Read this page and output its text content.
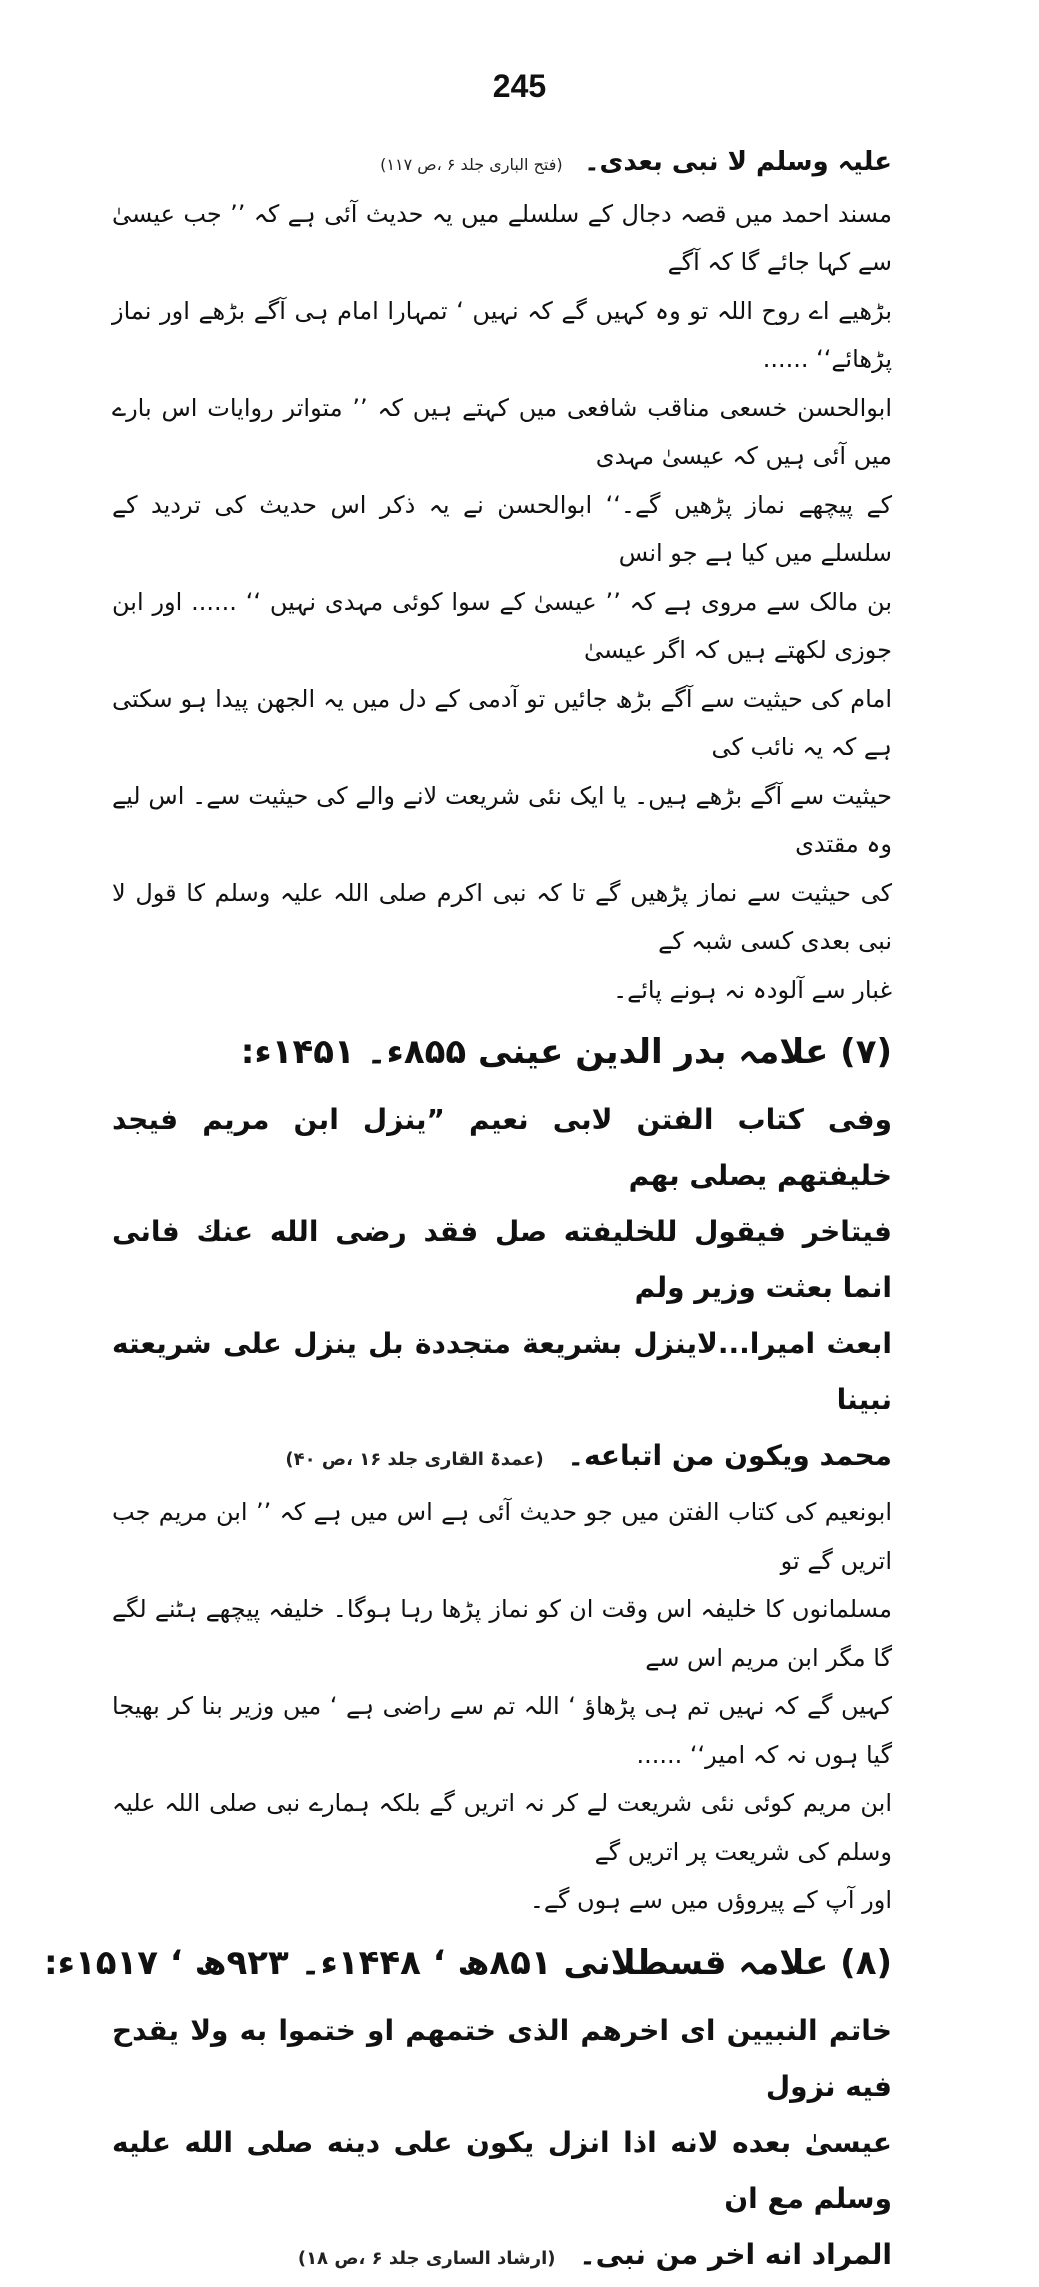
245

علیہ وسلم لا نبی بعدی۔ (فتح الباری جلد ۶ ،ص ۱۱۷)

مسند احمد میں قصہ دجال کے سلسلے میں یہ حدیث آئی ہے کہ ’’ جب عیسیٰ سے کہا جائے گا کہ آگے

بڑھیے اے روح اللہ تو وہ کہیں گے کہ نہیں ‘ تمہارا امام ہی آگے بڑھے اور نماز پڑھائے‘‘ ......

ابوالحسن خسعی مناقب شافعی میں کہتے ہیں کہ ’’ متواتر روایات اس بارے میں آئی ہیں کہ عیسیٰ مہدی

کے پیچھے نماز پڑھیں گے۔‘‘ ابوالحسن نے یہ ذکر اس حدیث کی تردید کے سلسلے میں کیا ہے جو انس

بن مالک سے مروی ہے کہ ’’ عیسیٰ کے سوا کوئی مہدی نہیں ‘‘ ...... اور ابن جوزی لکھتے ہیں کہ اگر عیسیٰ

امام کی حیثیت سے آگے بڑھ جائیں تو آدمی کے دل میں یہ الجھن پیدا ہو سکتی ہے کہ یہ نائب کی

حیثیت سے آگے بڑھے ہیں۔ یا ایک نئی شریعت لانے والے کی حیثیت سے۔ اس لیے وہ مقتدی

کی حیثیت سے نماز پڑھیں گے تا کہ نبی اکرم صلی اللہ علیہ وسلم کا قول لا نبی بعدی کسی شبہ کے

غبار سے آلودہ نہ ہونے پائے۔

(۷) علامہ بدر الدین عینی ۸۵۵ء۔ ۱۴۵۱ء:

وفی کتاب الفتن لابی نعیم ”ینزل ابن مریم فیجد خلیفتهم یصلی بهم

فیتاخر فیقول للخلیفته صل فقد رضی الله عنك فانی انما بعثت وزیر ولم

ابعث امیرا...لاینزل بشریعة متجددة بل ینزل علی شریعته نبینا

محمد ویکون من اتباعه۔ (عمدۃ القاری جلد ۱۶ ،ص ۴۰)

ابونعیم کی کتاب الفتن میں جو حدیث آئی ہے اس میں ہے کہ ’’ ابن مریم جب اتریں گے تو

مسلمانوں کا خلیفہ اس وقت ان کو نماز پڑھا رہا ہوگا۔ خلیفہ پیچھے ہٹنے لگے گا مگر ابن مریم اس سے

کہیں گے کہ نہیں تم ہی پڑھاؤ ‘ اللہ تم سے راضی ہے ‘ میں وزیر بنا کر بھیجا گیا ہوں نہ کہ امیر‘‘ ......

ابن مریم کوئی نئی شریعت لے کر نہ اتریں گے بلکہ ہمارے نبی صلی اللہ علیہ وسلم کی شریعت پر اتریں گے

اور آپ کے پیروؤں میں سے ہوں گے۔

(۸) علامہ قسطلانی ۸۵۱ھ ‘ ۱۴۴۸ء۔ ۹۲۳ھ ‘ ۱۵۱۷ء:

خاتم النبیین ای اخرهم الذی ختمهم او ختموا به ولا یقدح فیه نزول

عیسیٰ بعده لانه اذا انزل یکون علی دینه صلی الله علیه وسلم مع ان

المراد انه اخر من نبی۔ (ارشاد الساری جلد ۶ ،ص ۱۸)
